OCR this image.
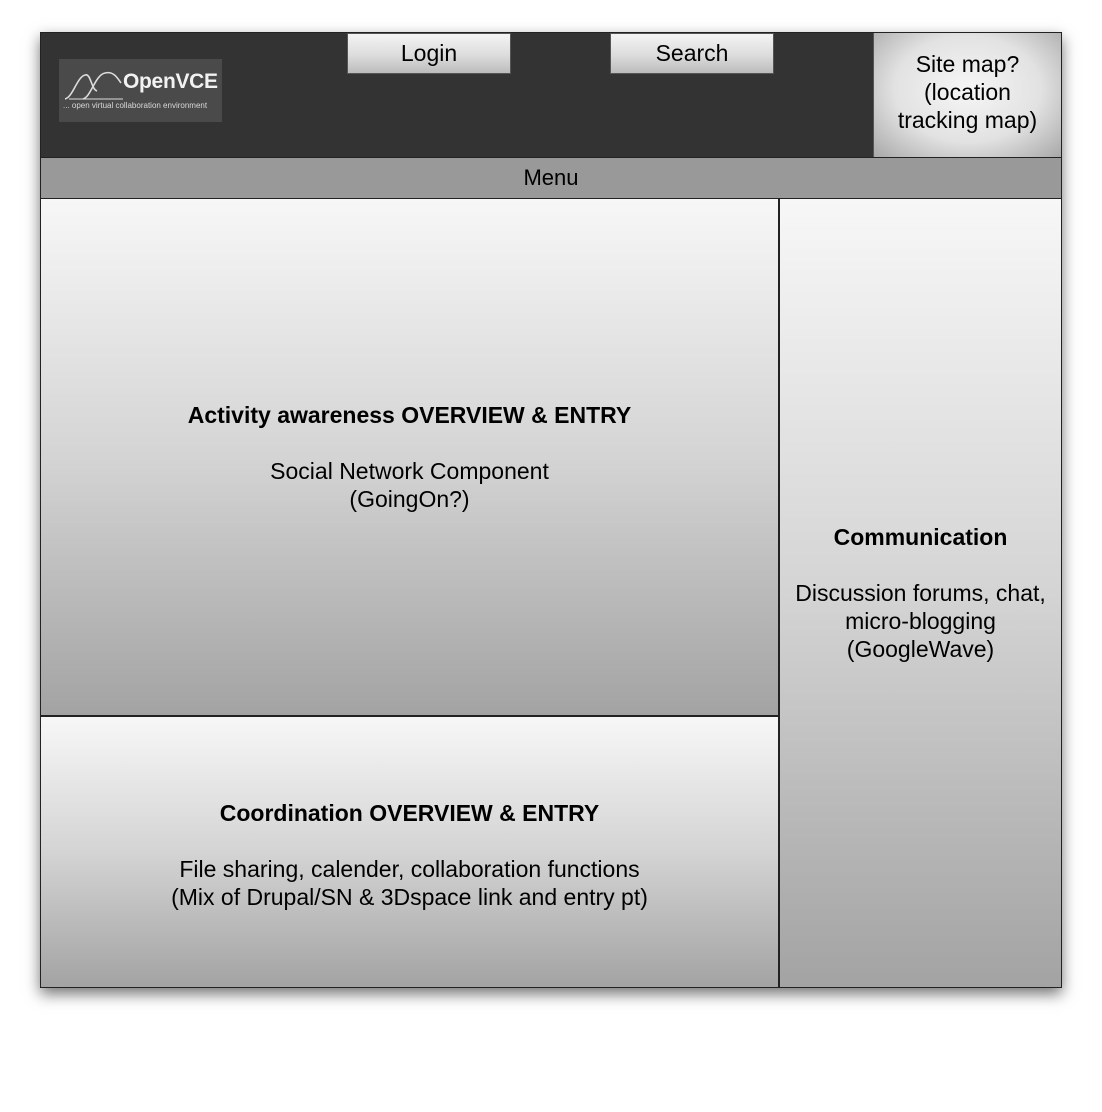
OpenVCE
... open virtual collaboration environment
Login	Search	Site map?
(location
tracking map)
Menu
Activity awareness OVERVIEW & ENTRY
Social Network Component
(GoingOn?)
Coordination OVERVIEW & ENTRY
File sharing, calender, collaboration functions
(Mix of Drupal/SN & 3Dspace link and entry pt)
Communication
Discussion forums, chat,
micro-blogging
(GoogleWave)
